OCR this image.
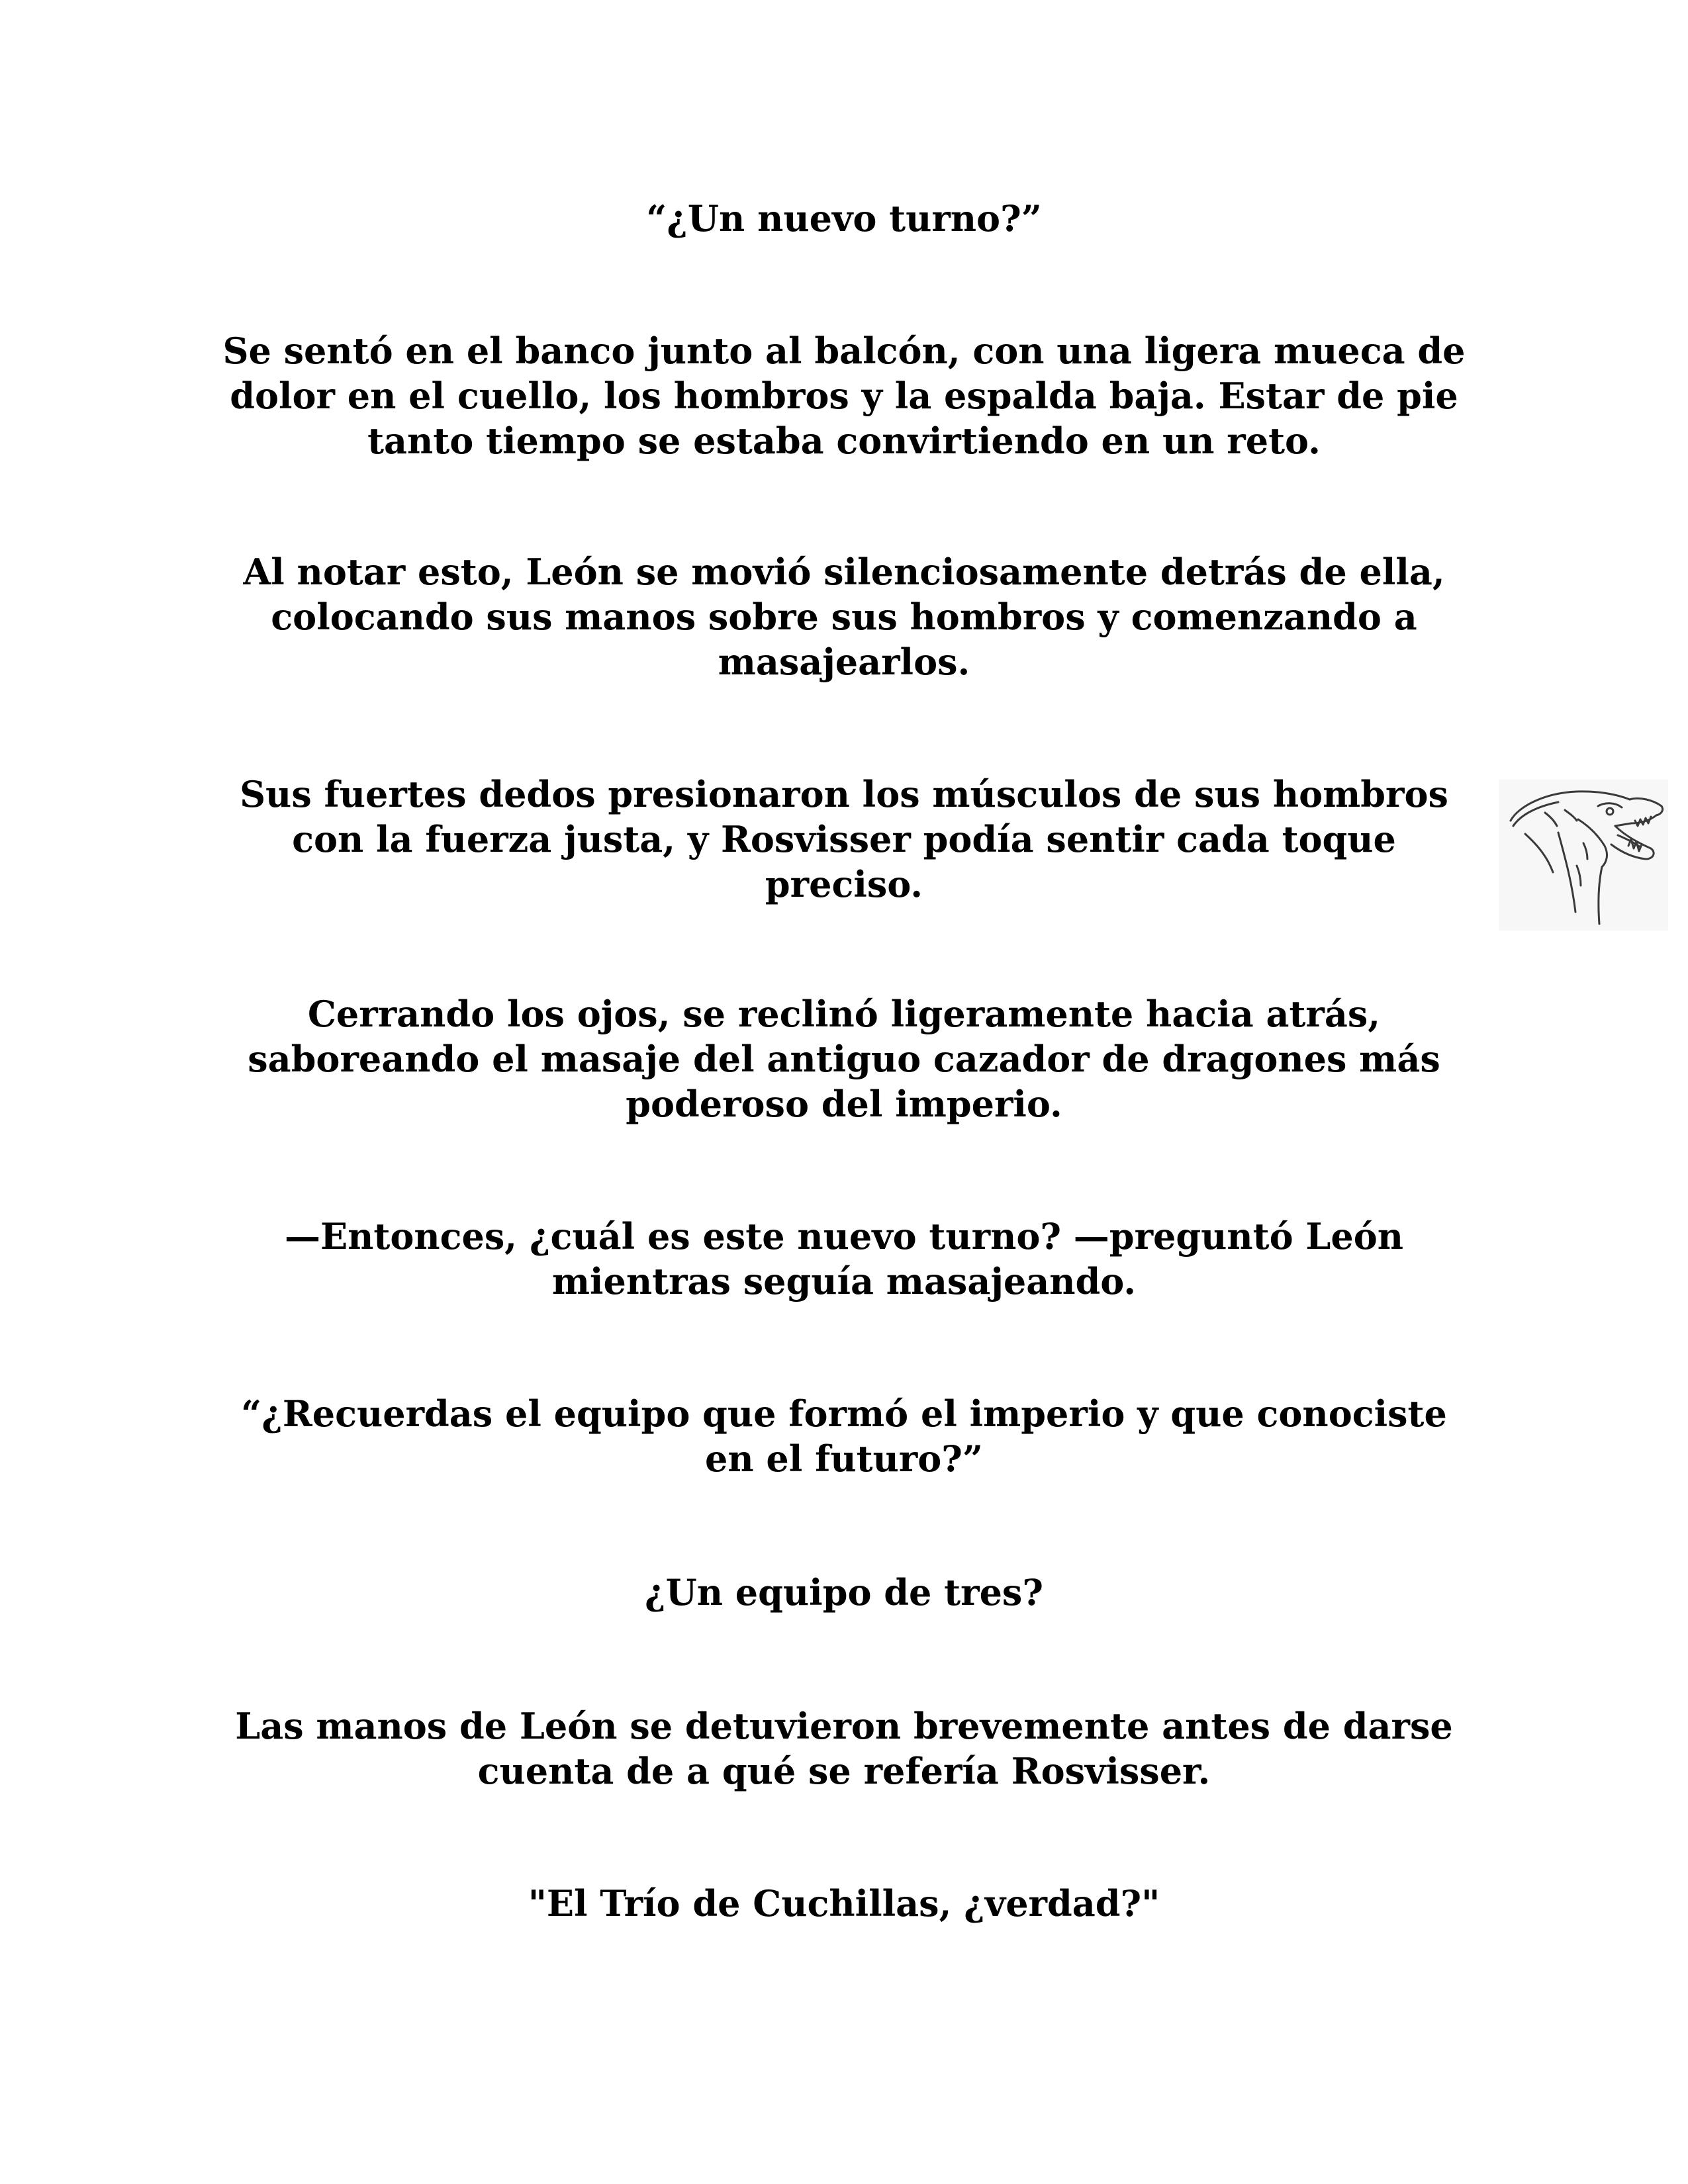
“¿Un nuevo turno?”

Se sentó en el banco junto al balcón, con una ligera mueca de dolor en el cuello, los hombros y la espalda baja. Estar de pie tanto tiempo se estaba convirtiendo en un reto.

Al notar esto, León se movió silenciosamente detrás de ella, colocando sus manos sobre sus hombros y comenzando a masajearlos.

Sus fuertes dedos presionaron los músculos de sus hombros con la fuerza justa, y Rosvisser podía sentir cada toque preciso.

Cerrando los ojos, se reclinó ligeramente hacia atrás, saboreando el masaje del antiguo cazador de dragones más poderoso del imperio.

—Entonces, ¿cuál es este nuevo turno? —preguntó León mientras seguía masajeando.

“¿Recuerdas el equipo que formó el imperio y que conociste en el futuro?”

¿Un equipo de tres?

Las manos de León se detuvieron brevemente antes de darse cuenta de a qué se refería Rosvisser.

"El Trío de Cuchillas, ¿verdad?"
